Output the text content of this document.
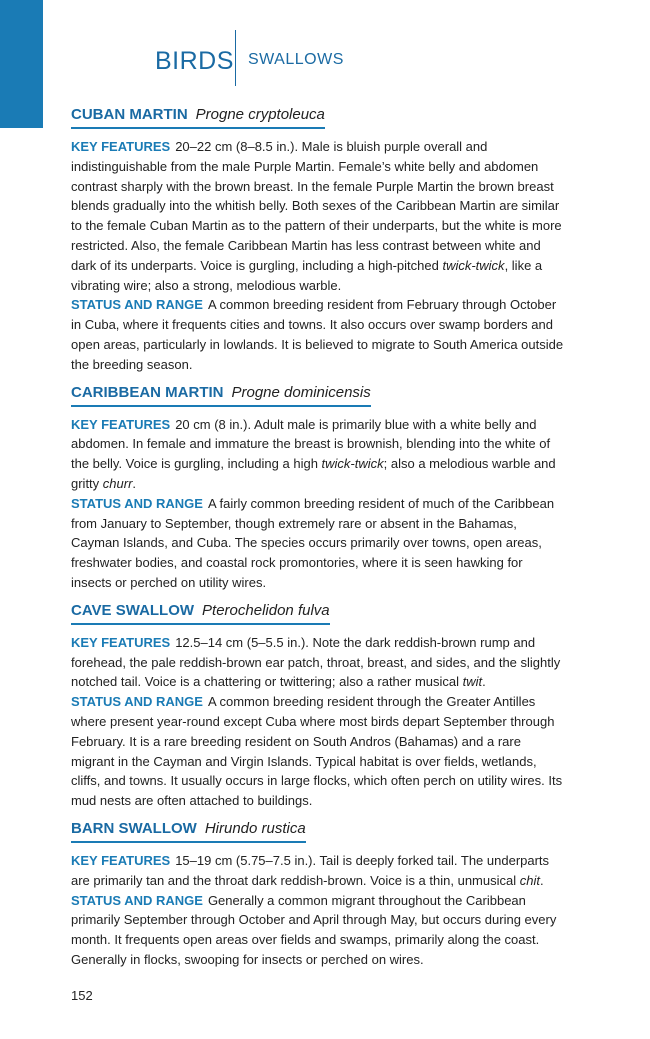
BIRDS SWALLOWS
CUBAN MARTIN Progne cryptoleuca

KEY FEATURES 20–22 cm (8–8.5 in.). Male is bluish purple overall and indistinguishable from the male Purple Martin. Female’s white belly and abdomen contrast sharply with the brown breast. In the female Purple Martin the brown breast blends gradually into the whitish belly. Both sexes of the Caribbean Martin are similar to the female Cuban Martin as to the pattern of their underparts, but the white is more restricted. Also, the female Caribbean Martin has less contrast between white and dark of its underparts. Voice is gurgling, including a high-pitched twick-twick, like a vibrating wire; also a strong, melodious warble.

STATUS AND RANGE A common breeding resident from February through October in Cuba, where it frequents cities and towns. It also occurs over swamp borders and open areas, particularly in lowlands. It is believed to migrate to South America outside the breeding season.

CARIBBEAN MARTIN Progne dominicensis

KEY FEATURES 20 cm (8 in.). Adult male is primarily blue with a white belly and abdomen. In female and immature the breast is brownish, blending into the white of the belly. Voice is gurgling, including a high twick-twick; also a melodious warble and gritty churr.

STATUS AND RANGE A fairly common breeding resident of much of the Caribbean from January to September, though extremely rare or absent in the Bahamas, Cayman Islands, and Cuba. The species occurs primarily over towns, open areas, freshwater bodies, and coastal rock promontories, where it is seen hawking for insects or perched on utility wires.

CAVE SWALLOW Pterochelidon fulva

KEY FEATURES 12.5–14 cm (5–5.5 in.). Note the dark reddish-brown rump and forehead, the pale reddish-brown ear patch, throat, breast, and sides, and the slightly notched tail. Voice is a chattering or twittering; also a rather musical twit.

STATUS AND RANGE A common breeding resident through the Greater Antilles where present year-round except Cuba where most birds depart September through February. It is a rare breeding resident on South Andros (Bahamas) and a rare migrant in the Cayman and Virgin Islands. Typical habitat is over fields, wetlands, cliffs, and towns. It usually occurs in large flocks, which often perch on utility wires. Its mud nests are often attached to buildings.

BARN SWALLOW Hirundo rustica

KEY FEATURES 15–19 cm (5.75–7.5 in.). Tail is deeply forked tail. The underparts are primarily tan and the throat dark reddish-brown. Voice is a thin, unmusical chit.

STATUS AND RANGE Generally a common migrant throughout the Caribbean primarily September through October and April through May, but occurs during every month. It frequents open areas over fields and swamps, primarily along the coast. Generally in flocks, swooping for insects or perched on wires.

152
